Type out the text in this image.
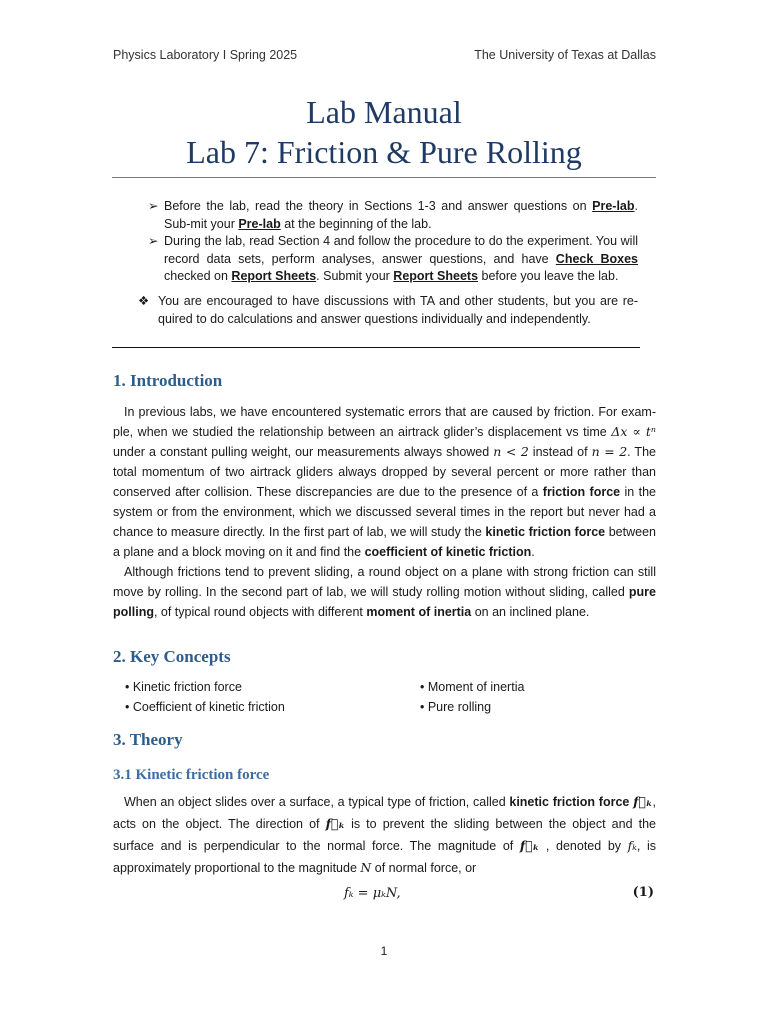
Physics Laboratory I Spring 2025	The University of Texas at Dallas
Lab Manual
Lab 7: Friction & Pure Rolling
➢ Before the lab, read the theory in Sections 1-3 and answer questions on Pre-lab. Sub-mit your Pre-lab at the beginning of the lab.
➢ During the lab, read Section 4 and follow the procedure to do the experiment. You will record data sets, perform analyses, answer questions, and have Check Boxes checked on Report Sheets. Submit your Report Sheets before you leave the lab.
❖ You are encouraged to have discussions with TA and other students, but you are re-quired to do calculations and answer questions individually and independently.
1. Introduction
In previous labs, we have encountered systematic errors that are caused by friction. For exam-ple, when we studied the relationship between an airtrack glider’s displacement vs time Δx ∝ tⁿ under a constant pulling weight, our measurements always showed n < 2 instead of n = 2. The total momentum of two airtrack gliders always dropped by several percent or more rather than conserved after collision. These discrepancies are due to the presence of a friction force in the system or from the environment, which we discussed several times in the report but never had a chance to measure directly. In the first part of lab, we will study the kinetic friction force between a plane and a block moving on it and find the coefficient of kinetic friction.
Although frictions tend to prevent sliding, a round object on a plane with strong friction can still move by rolling. In the second part of lab, we will study rolling motion without sliding, called pure polling, of typical round objects with different moment of inertia on an inclined plane.
2. Key Concepts
• Kinetic friction force
• Coefficient of kinetic friction
• Moment of inertia
• Pure rolling
3. Theory
3.1 Kinetic friction force
When an object slides over a surface, a typical type of friction, called kinetic friction force f⃗ₖ, acts on the object. The direction of f⃗ₖ is to prevent the sliding between the object and the surface and is perpendicular to the normal force. The magnitude of f⃗ₖ , denoted by fₖ, is approximately proportional to the magnitude N of normal force, or
fₖ = μₖN,	(1)
1
